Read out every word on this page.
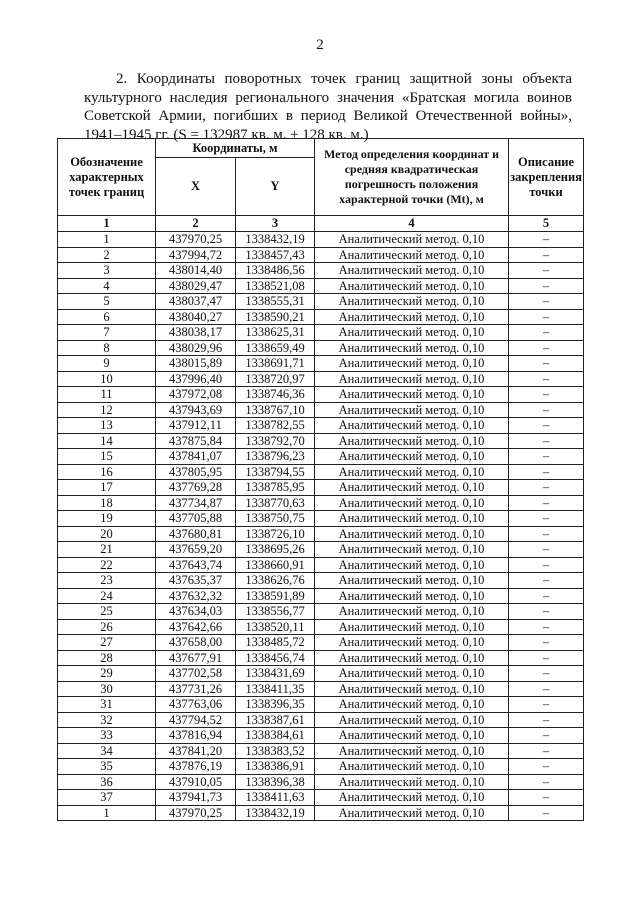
2

2. Координаты поворотных точек границ защитной зоны объекта культурного наследия регионального значения «Братская могила воинов Советской Армии, погибших в период Великой Отечественной войны», 1941–1945 гг. (S = 132987 кв. м. ± 128 кв. м.)

Обозначение характерных точек границ	Координаты, м		Метод определения координат и средняя квадратическая погрешность положения характерной точки (Мt), м	Описание закрепления точки
	X	Y		
1	2	3	4	5
1	437970,25	1338432,19	Аналитический метод. 0,10	–
2	437994,72	1338457,43	Аналитический метод. 0,10	–
3	438014,40	1338486,56	Аналитический метод. 0,10	–
4	438029,47	1338521,08	Аналитический метод. 0,10	–
5	438037,47	1338555,31	Аналитический метод. 0,10	–
6	438040,27	1338590,21	Аналитический метод. 0,10	–
7	438038,17	1338625,31	Аналитический метод. 0,10	–
8	438029,96	1338659,49	Аналитический метод. 0,10	–
9	438015,89	1338691,71	Аналитический метод. 0,10	–
10	437996,40	1338720,97	Аналитический метод. 0,10	–
11	437972,08	1338746,36	Аналитический метод. 0,10	–
12	437943,69	1338767,10	Аналитический метод. 0,10	–
13	437912,11	1338782,55	Аналитический метод. 0,10	–
14	437875,84	1338792,70	Аналитический метод. 0,10	–
15	437841,07	1338796,23	Аналитический метод. 0,10	–
16	437805,95	1338794,55	Аналитический метод. 0,10	–
17	437769,28	1338785,95	Аналитический метод. 0,10	–
18	437734,87	1338770,63	Аналитический метод. 0,10	–
19	437705,88	1338750,75	Аналитический метод. 0,10	–
20	437680,81	1338726,10	Аналитический метод. 0,10	–
21	437659,20	1338695,26	Аналитический метод. 0,10	–
22	437643,74	1338660,91	Аналитический метод. 0,10	–
23	437635,37	1338626,76	Аналитический метод. 0,10	–
24	437632,32	1338591,89	Аналитический метод. 0,10	–
25	437634,03	1338556,77	Аналитический метод. 0,10	–
26	437642,66	1338520,11	Аналитический метод. 0,10	–
27	437658,00	1338485,72	Аналитический метод. 0,10	–
28	437677,91	1338456,74	Аналитический метод. 0,10	–
29	437702,58	1338431,69	Аналитический метод. 0,10	–
30	437731,26	1338411,35	Аналитический метод. 0,10	–
31	437763,06	1338396,35	Аналитический метод. 0,10	–
32	437794,52	1338387,61	Аналитический метод. 0,10	–
33	437816,94	1338384,61	Аналитический метод. 0,10	–
34	437841,20	1338383,52	Аналитический метод. 0,10	–
35	437876,19	1338386,91	Аналитический метод. 0,10	–
36	437910,05	1338396,38	Аналитический метод. 0,10	–
37	437941,73	1338411,63	Аналитический метод. 0,10	–
1	437970,25	1338432,19	Аналитический метод. 0,10	–
